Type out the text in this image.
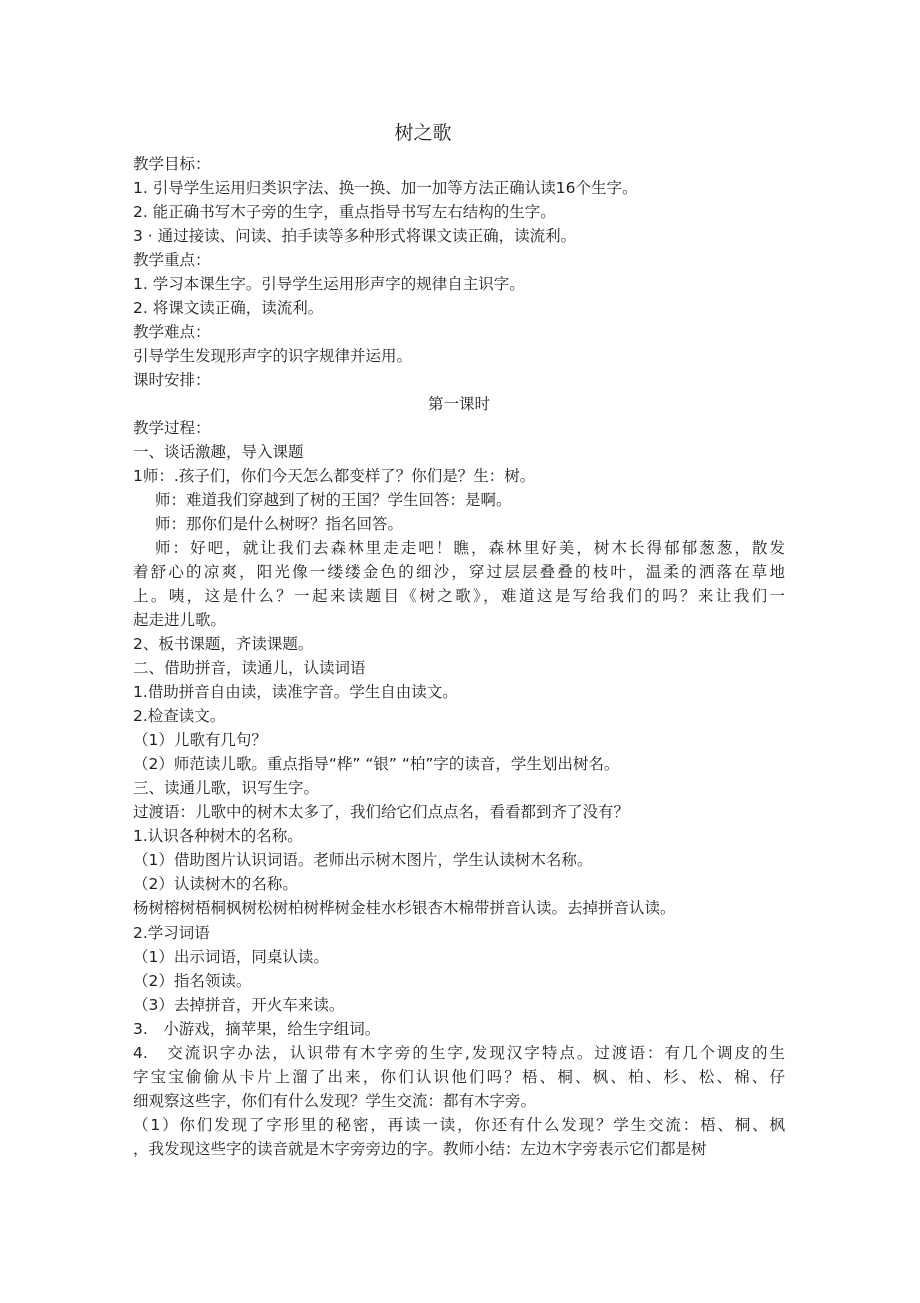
树之歌
教学目标：
1. 引导学生运用归类识字法、换一换、加一加等方法正确认读16个生字。
2. 能正确书写木子旁的生字，重点指导书写左右结构的生字。
3 · 通过接读、问读、拍手读等多种形式将课文读正确，读流利。
教学重点：
1. 学习本课生字。引导学生运用形声字的规律自主识字。
2. 将课文读正确，读流利。
教学难点：
引导学生发现形声字的识字规律并运用。
课时安排：
第一课时
教学过程：
一、谈话激趣，导入课题
1师：.孩子们，你们今天怎么都变样了？你们是？生：树。
师：难道我们穿越到了树的王国？学生回答：是啊。
师：那你们是什么树呀？指名回答。
师：好吧，就让我们去森林里走走吧！瞧，森林里好美，树木长得郁郁葱葱，散发
着舒心的凉爽，阳光像一缕缕金色的细沙，穿过层层叠叠的枝叶，温柔的洒落在草地
上。咦，这是什么？一起来读题目《树之歌》，难道这是写给我们的吗？来让我们一
起走进儿歌。
2、板书课题，齐读课题。
二、借助拼音，读通儿，认读词语
1.借助拼音自由读，读准字音。学生自由读文。
2.检查读文。
（1）儿歌有几句？
（2）师范读儿歌。重点指导“桦” “银” “柏”字的读音，学生划出树名。
三、读通儿歌，识写生字。
过渡语：儿歌中的树木太多了，我们给它们点点名，看看都到齐了没有？
1.认识各种树木的名称。
（1）借助图片认识词语。老师出示树木图片，学生认读树木名称。
（2）认读树木的名称。
杨树榕树梧桐枫树松树柏树桦树金桂水杉银杏木棉带拼音认读。去掉拼音认读。
2.学习词语
（1）出示词语，同桌认读。
（2）指名领读。
（3）去掉拼音，开火车来读。
3.　小游戏，摘苹果，给生字组词。
4.　交流识字办法，认识带有木字旁的生字,发现汉字特点。过渡语：有几个调皮的生
字宝宝偷偷从卡片上溜了出来，你们认识他们吗？梧、桐、枫、柏、杉、松、棉、仔
细观察这些字，你们有什么发现？学生交流：都有木字旁。
（1）你们发现了字形里的秘密，再读一读，你还有什么发现？学生交流：梧、桐、枫
，我发现这些字的读音就是木字旁旁边的字。教师小结：左边木字旁表示它们都是树
